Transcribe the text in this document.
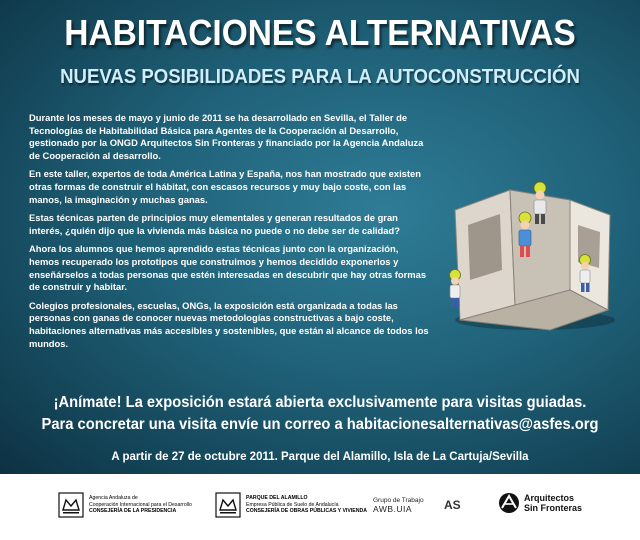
HABITACIONES ALTERNATIVAS
NUEVAS POSIBILIDADES PARA LA AUTOCONSTRUCCIÓN

Durante los meses de mayo y junio de 2011 se ha desarrollado en Sevilla, el Taller de Tecnologías de Habitabilidad Básica para Agentes de la Cooperación al Desarrollo, gestionado por la ONGD Arquitectos Sin Fronteras y financiado por la Agencia Andaluza de Cooperación al desarrollo.

En este taller, expertos de toda América Latina y España, nos han mostrado que existen otras formas de construir el hábitat, con escasos recursos y muy bajo coste, con las manos, la imaginación y muchas ganas.

Estas técnicas parten de principios muy elementales y generan resultados de gran interés, ¿quién dijo que la vivienda más básica no puede o no debe ser de calidad?

Ahora los alumnos que hemos aprendido estas técnicas junto con la organización, hemos recuperado los prototipos que construimos y hemos decidido exponerlos y enseñárselos a todas personas que estén interesadas en descubrir que hay otras formas de construir y habitar.

Colegios profesionales, escuelas, ONGs, la exposición está organizada a todas las personas con ganas de conocer nuevas metodologías constructivas a bajo coste, habitaciones alternativas más accesibles y sostenibles, que están al alcance de todos los mundos.

¡Anímate! La exposición estará abierta exclusivamente para visitas guiadas.
Para concretar una visita envíe un correo a habitacionesalternativas@asfes.org
A partir de 27 de octubre 2011. Parque del Alamillo, Isla de La Cartuja/Sevilla
Agencia Andaluza de
Cooperación Internacional para el Desarrollo
CONSEJERÍA DE LA PRESIDENCIA
PARQUE DEL ALAMILLO
Empresa Pública de Suelo de Andalucía
CONSEJERÍA DE OBRAS PÚBLICAS Y VIVIENDA
Grupo de Trabajo
AWB.UIA	AS	Arquitectos
Sin Fronteras
